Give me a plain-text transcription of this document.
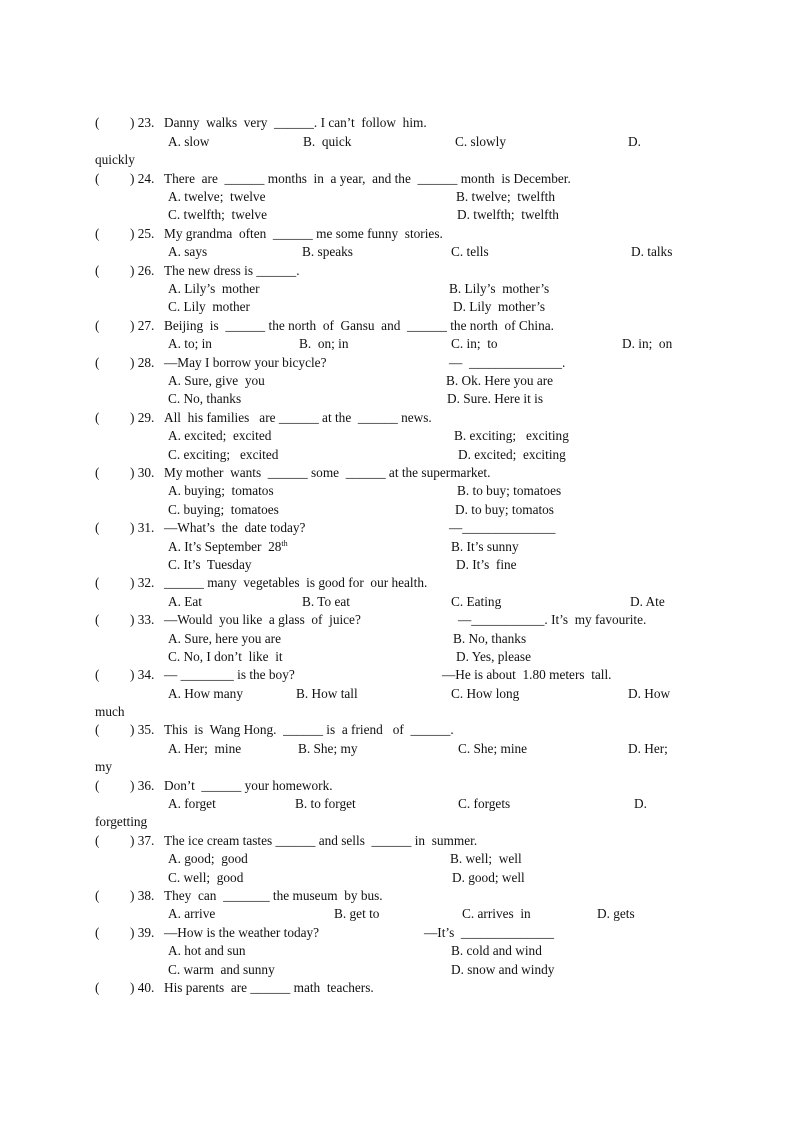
( ) 23. Danny  walks  very  ______. I can’t  follow  him.
A. slow	B.  quick	C. slowly	D.
quickly
( ) 24. There  are  ______ months  in  a year,  and the  ______ month  is December.
A. twelve;  twelve	B. twelve;  twelfth
C. twelfth;  twelve	D. twelfth;  twelfth
( ) 25. My grandma  often  ______ me some funny  stories.
A. says	B. speaks	C. tells	D. talks
( ) 26. The new dress is ______.
A. Lily’s  mother	B. Lily’s  mother’s
C. Lily  mother	D. Lily  mother’s
( ) 27. Beijing  is  ______ the north  of  Gansu  and  ______ the north  of China.
A. to; in	B.  on; in	C. in;  to	D. in;  on
( ) 28. —May I borrow your bicycle?	—  ______________.
A. Sure, give  you	B. Ok. Here you are
C. No, thanks	D. Sure. Here it is
( ) 29. All  his families   are ______ at the  ______ news.
A. excited;  excited	B. exciting;   exciting
C. exciting;   excited	D. excited;  exciting
( ) 30. My mother  wants  ______ some  ______ at the supermarket.
A. buying;  tomatos	B. to buy; tomatoes
C. buying;  tomatoes	D. to buy; tomatos
( ) 31. —What’s  the  date today?	—______________
A. It’s September  28th	B. It’s sunny
C. It’s  Tuesday	D. It’s  fine
( ) 32. ______ many  vegetables  is good for  our health.
A. Eat	B. To eat	C. Eating	D. Ate
( ) 33. —Would  you like  a glass  of  juice?	—___________. It’s  my favourite.
A. Sure, here you are	B. No, thanks
C. No, I don’t  like  it	D. Yes, please
( ) 34. — ________ is the boy?	—He is about  1.80 meters  tall.
A. How many	B. How tall	C. How long	D. How
much
( ) 35. This  is  Wang Hong.  ______ is  a friend   of  ______.
A. Her;  mine	B. She; my	C. She; mine	D. Her;
my
( ) 36. Don’t  ______ your homework.
A. forget	B. to forget	C. forgets	D.
forgetting
( ) 37. The ice cream tastes ______ and sells  ______ in  summer.
A. good;  good	B. well;  well
C. well;  good	D. good; well
( ) 38. They  can  _______ the museum  by bus.
A. arrive	B. get to	C. arrives  in	D. gets
( ) 39. —How is the weather today?	—It’s  ______________
A. hot and sun	B. cold and wind
C. warm  and sunny	D. snow and windy
( ) 40. His parents  are ______ math  teachers.
